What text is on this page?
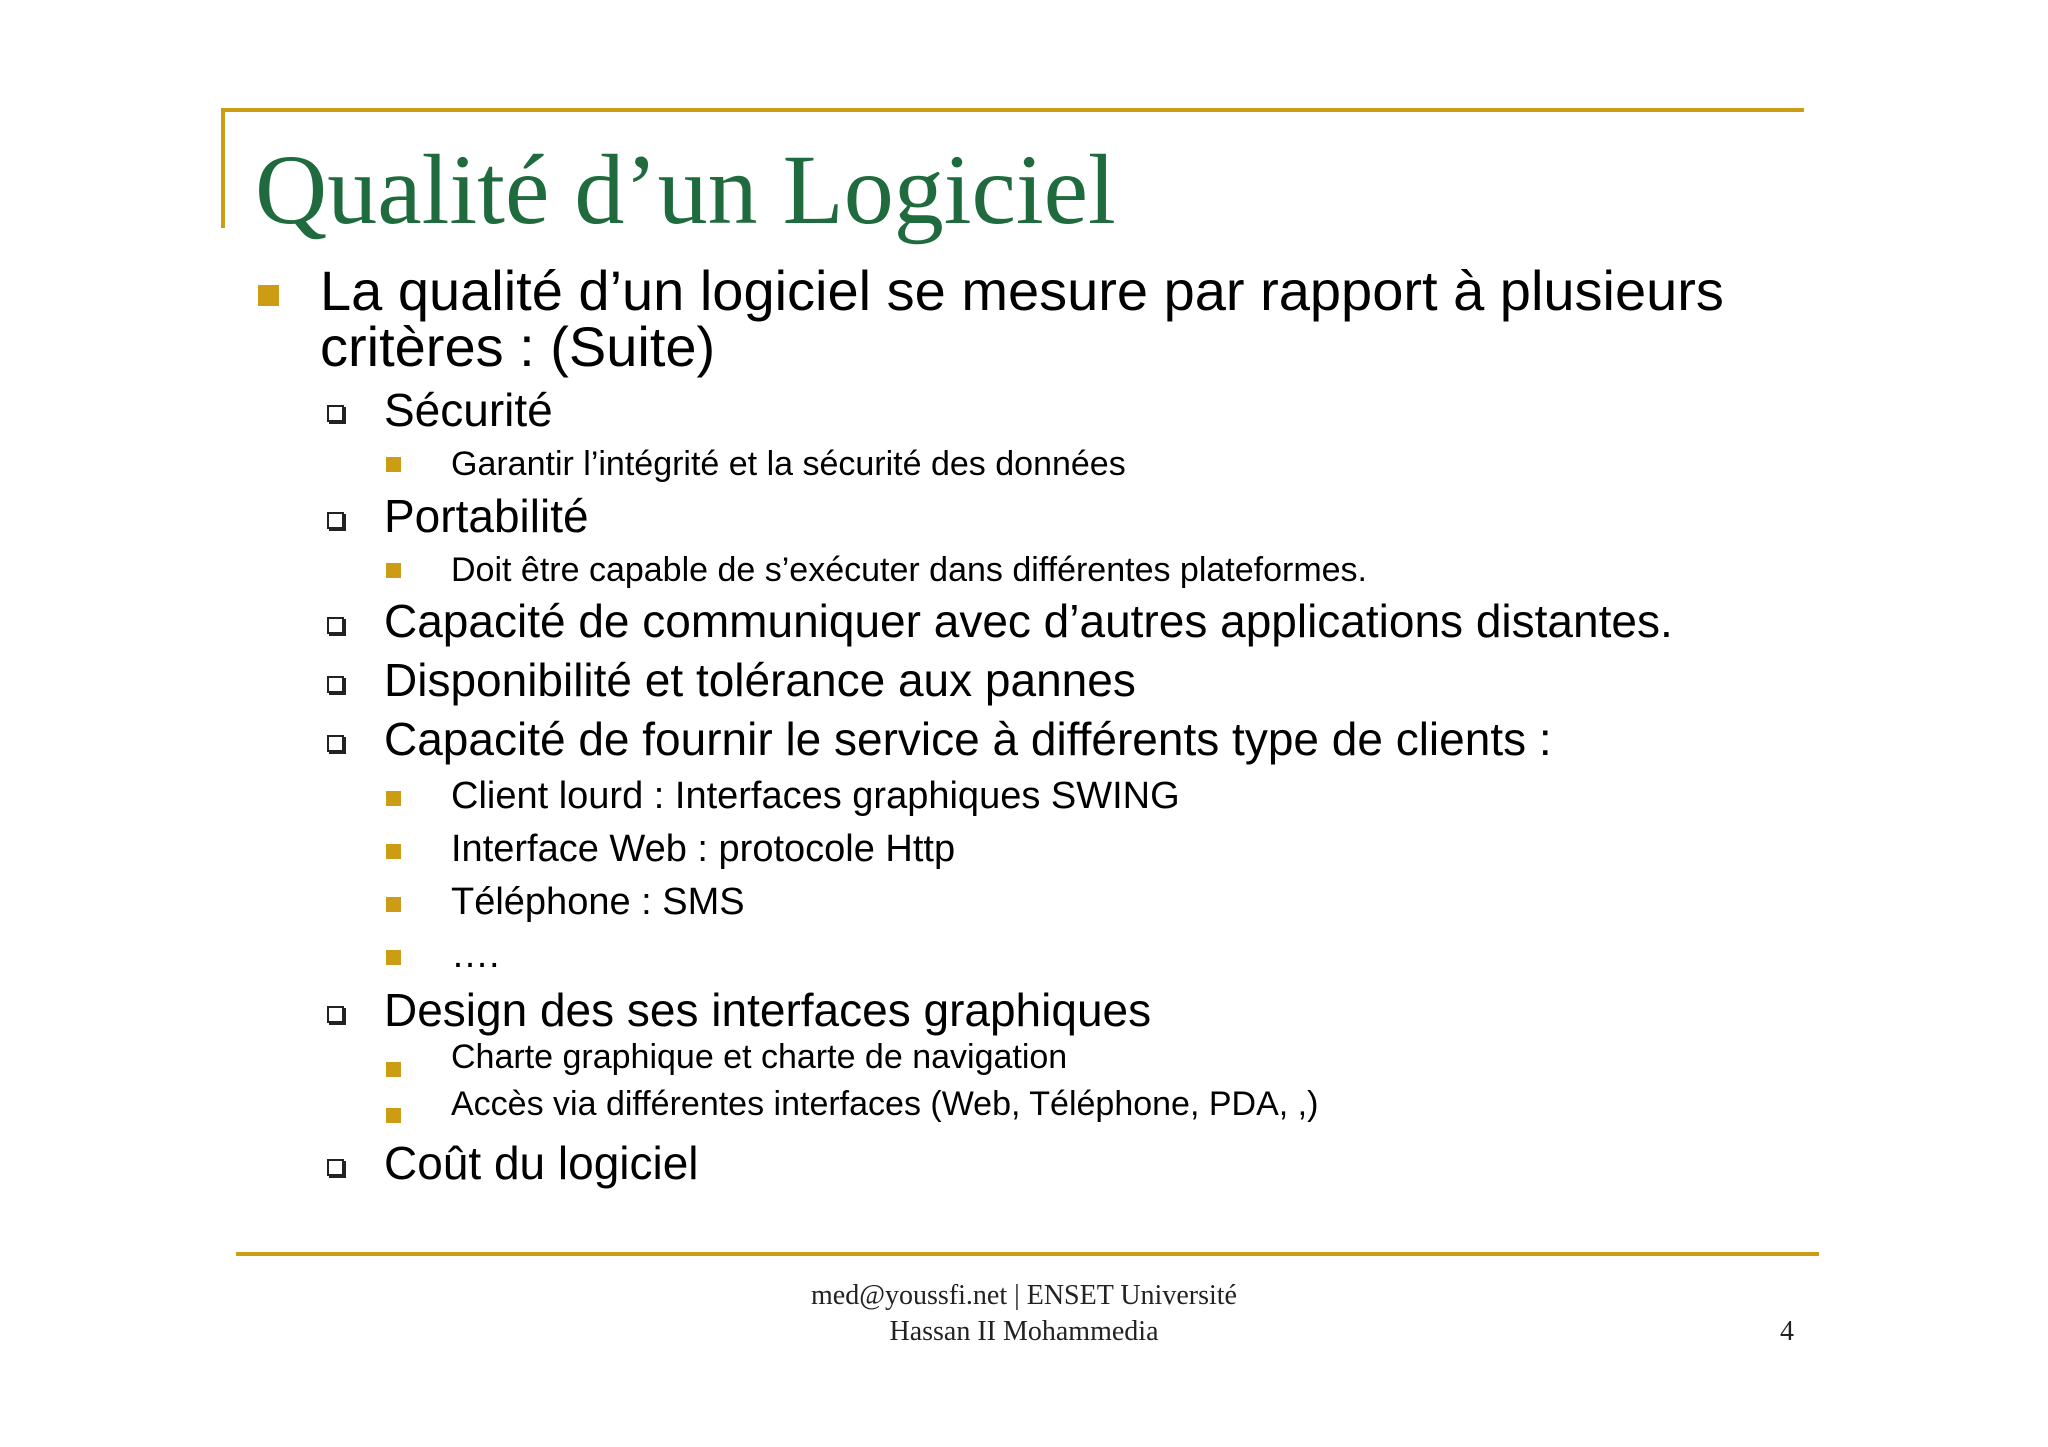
Qualité d’un Logiciel
La qualité d’un logiciel se mesure par rapport à plusieurs
critères : (Suite)
Sécurité
Garantir l’intégrité et la sécurité des données
Portabilité
Doit être capable de s’exécuter dans différentes plateformes.
Capacité de communiquer avec d’autres applications distantes.
Disponibilité et tolérance aux pannes
Capacité de fournir le service à différents type de clients :
Client lourd : Interfaces graphiques SWING
Interface Web : protocole Http
Téléphone : SMS
….
Design des ses interfaces graphiques
Charte graphique et charte de navigation
Accès via différentes interfaces (Web, Téléphone, PDA, ,)
Coût du logiciel
med@youssfi.net | ENSET Université
Hassan II Mohammedia	4
